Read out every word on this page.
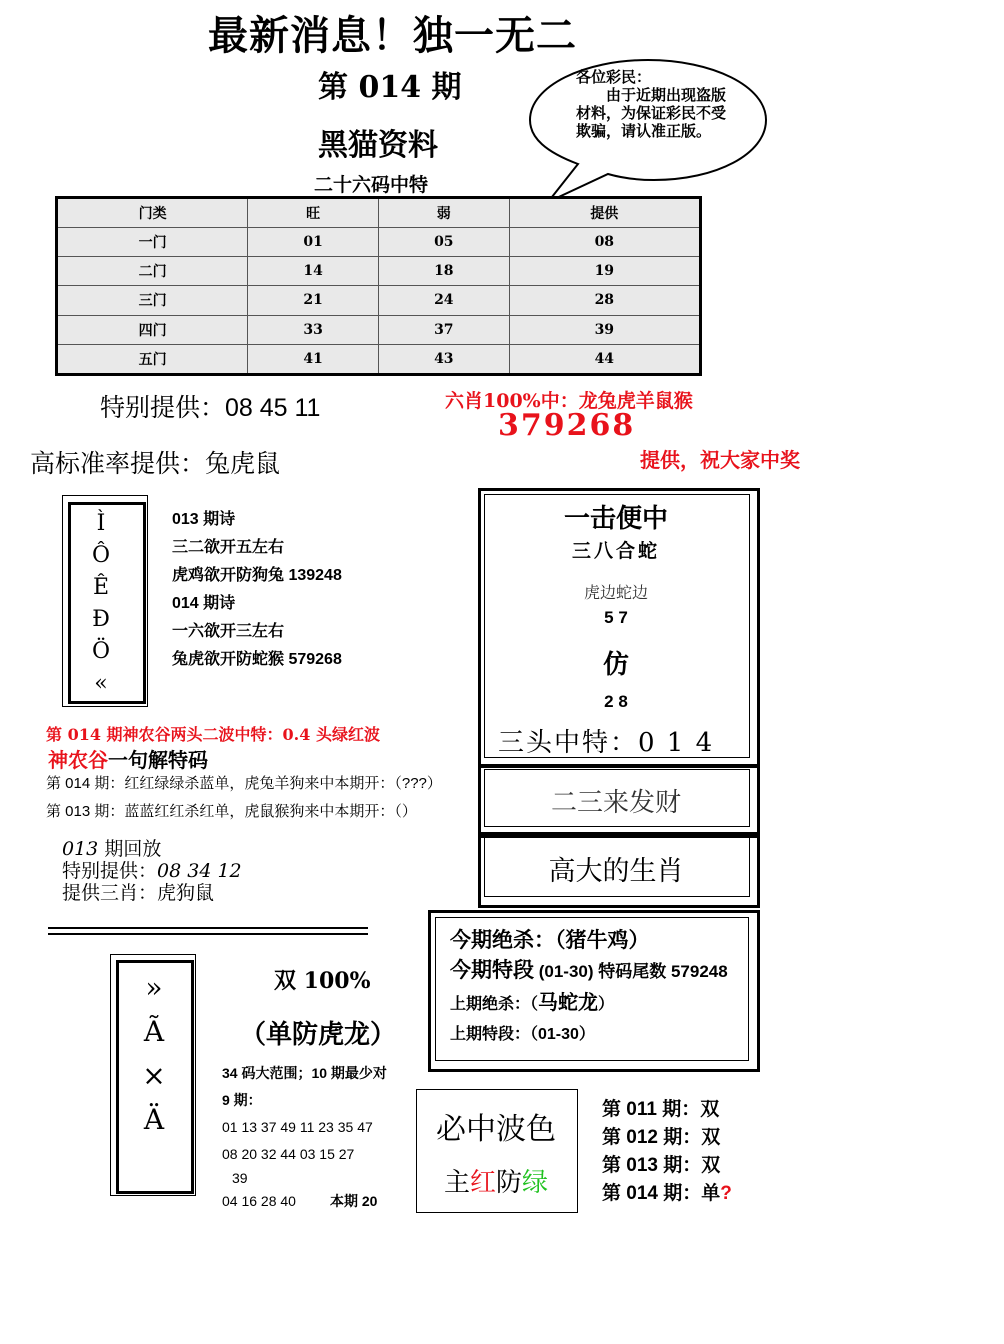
最新消息！独一无二
第 014 期
黑猫资料
二十六码中特
各位彩民：
由于近期出现盗版材料，为保证彩民不受欺骗，请认准正版。
门类	旺	弱	提供
一门	01	05	08
二门	14	18	19
三门	21	24	28
四门	33	37	39
五门	41	43	44
特别提供：08 45 11
高标准率提供：兔虎鼠
六肖100%中：龙兔虎羊鼠猴
379268
提供，祝大家中奖
Ì
Ô
Ê
Ð
Ö
«
013 期诗
三二欲开五左右
虎鸡欲开防狗兔 139248
014 期诗
一六欲开三左右
兔虎欲开防蛇猴 579268
第 014 期神农谷两头二波中特：0.4 头绿红波
神农谷一句解特码
第 014 期：红红绿绿杀蓝单，虎兔羊狗来中本期开：（???）
第 013 期：蓝蓝红红杀红单，虎鼠猴狗来中本期开：（）
013 期回放
特别提供：08 34 12
提供三肖：虎狗鼠
一击便中
三八合蛇
虎边蛇边
5 7
仿
2 8
三头中特：0 1 4
二三来发财
高大的生肖
今期绝杀：（猪牛鸡）
今期特段 (01-30) 特码尾数 579248
上期绝杀：（马蛇龙）
上期特段：（01-30）
»
Ã
×
Ä
双 100%
（单防虎龙）
34 码大范围；10 期最少对
9 期：
01 13 37 49 11 23 35 47
08 20 32 44 03 15 27
39
04 16 28 40 本期 20
必中波色
主红防绿
第 011 期：双
第 012 期：双
第 013 期：双
第 014 期：单?
